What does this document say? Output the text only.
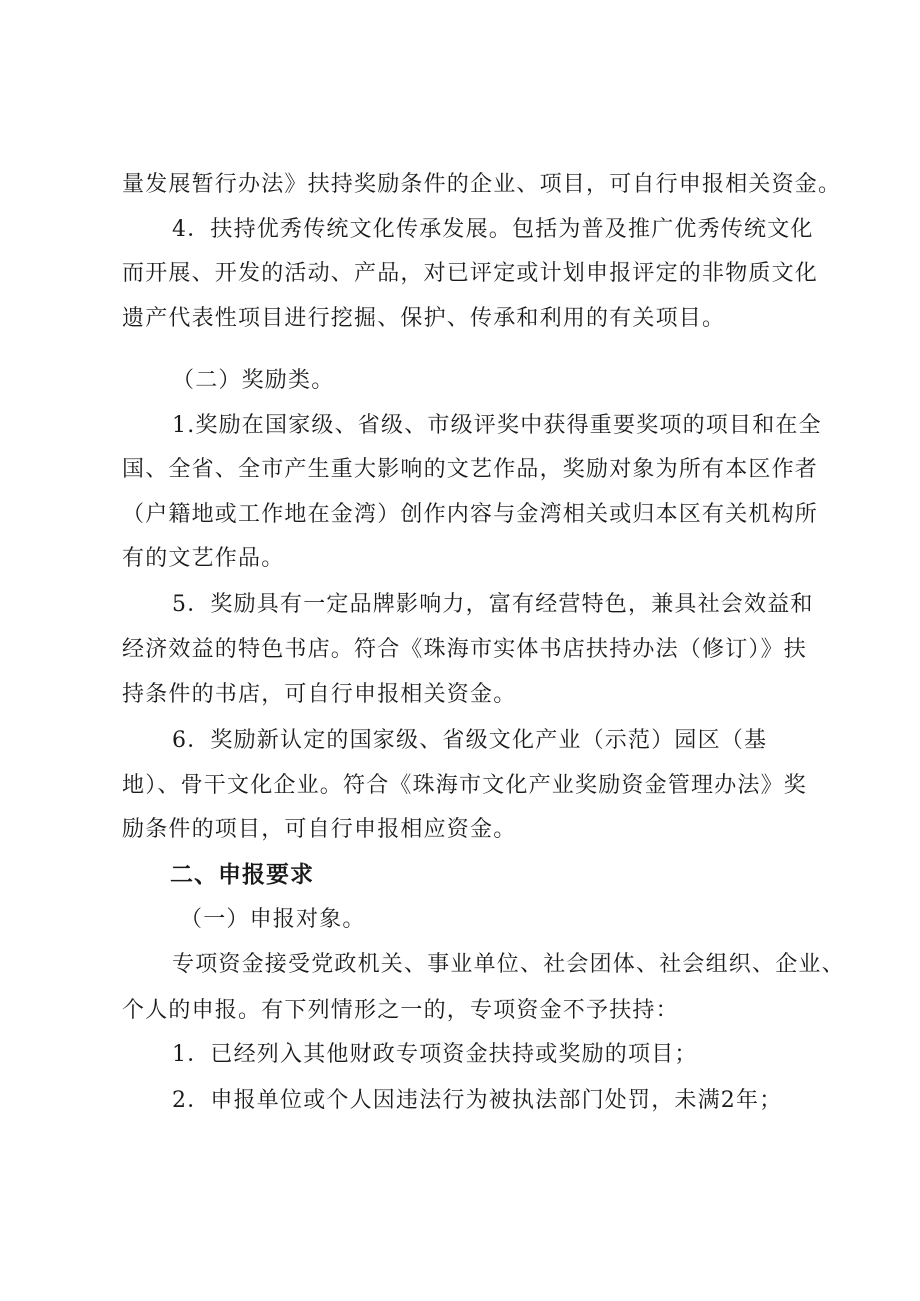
量发展暂行办法》扶持奖励条件的企业、项目，可自行申报相关资金。
4．扶持优秀传统文化传承发展。包括为普及推广优秀传统文化
而开展、开发的活动、产品，对已评定或计划申报评定的非物质文化
遗产代表性项目进行挖掘、保护、传承和利用的有关项目。
（二）奖励类。
1.奖励在国家级、省级、市级评奖中获得重要奖项的项目和在全
国、全省、全市产生重大影响的文艺作品，奖励对象为所有本区作者
（户籍地或工作地在金湾）创作内容与金湾相关或归本区有关机构所
有的文艺作品。
5．奖励具有一定品牌影响力，富有经营特色，兼具社会效益和
经济效益的特色书店。符合《珠海市实体书店扶持办法（修订）》扶
持条件的书店，可自行申报相关资金。
6．奖励新认定的国家级、省级文化产业（示范）园区（基
地）、骨干文化企业。符合《珠海市文化产业奖励资金管理办法》奖
励条件的项目，可自行申报相应资金。
二、申报要求
（一）申报对象。
专项资金接受党政机关、事业单位、社会团体、社会组织、企业、
个人的申报。有下列情形之一的，专项资金不予扶持：
1．已经列入其他财政专项资金扶持或奖励的项目；
2．申报单位或个人因违法行为被执法部门处罚，未满2年；
